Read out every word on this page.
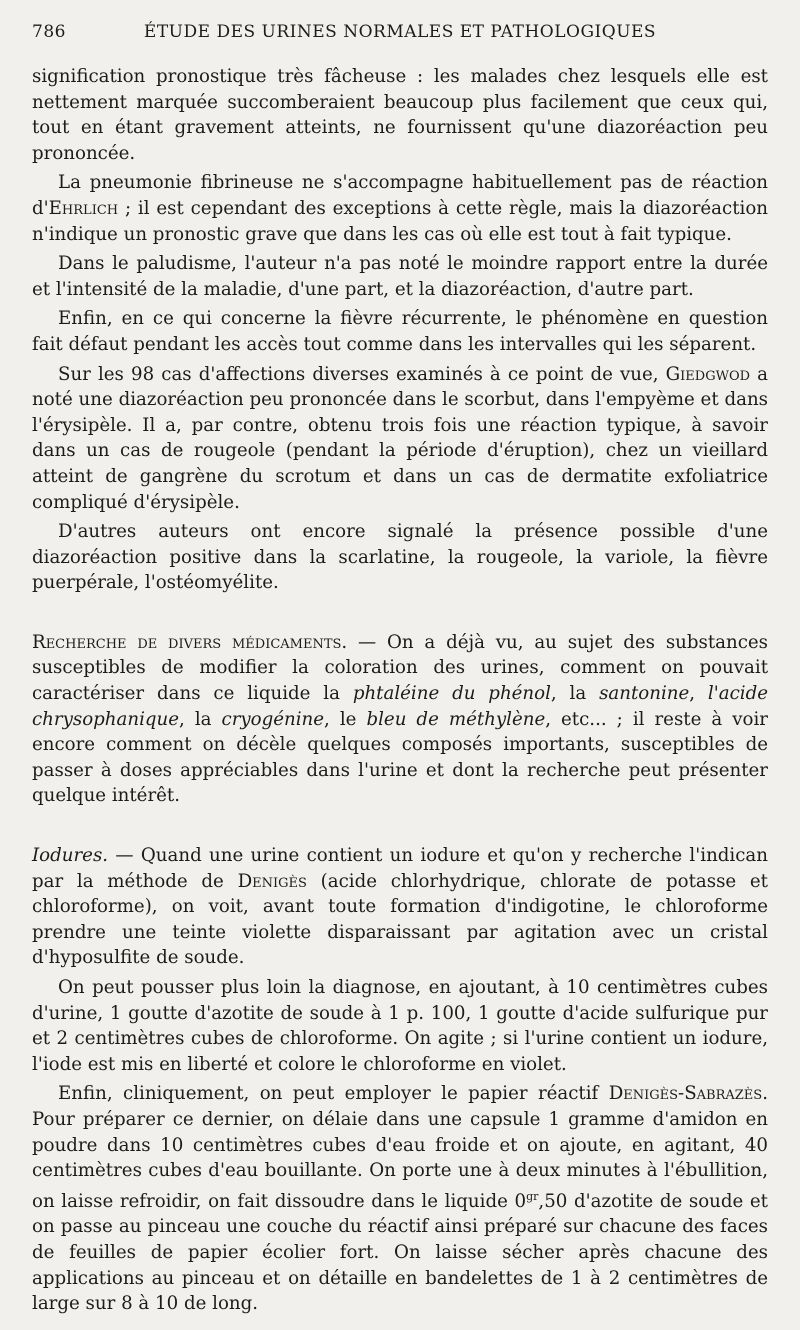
786	ÉTUDE DES URINES NORMALES ET PATHOLOGIQUES

signification pronostique très fâcheuse : les malades chez lesquels elle est nettement marquée succomberaient beaucoup plus facilement que ceux qui, tout en étant gravement atteints, ne fournissent qu'une diazoréaction peu prononcée.

La pneumonie fibrineuse ne s'accompagne habituellement pas de réaction d'Ehrlich ; il est cependant des exceptions à cette règle, mais la diazoréaction n'indique un pronostic grave que dans les cas où elle est tout à fait typique.

Dans le paludisme, l'auteur n'a pas noté le moindre rapport entre la durée et l'intensité de la maladie, d'une part, et la diazoréaction, d'autre part.

Enfin, en ce qui concerne la fièvre récurrente, le phénomène en question fait défaut pendant les accès tout comme dans les intervalles qui les séparent.

Sur les 98 cas d'affections diverses examinés à ce point de vue, Giedgwod a noté une diazoréaction peu prononcée dans le scorbut, dans l'empyème et dans l'érysipèle. Il a, par contre, obtenu trois fois une réaction typique, à savoir dans un cas de rougeole (pendant la période d'éruption), chez un vieillard atteint de gangrène du scrotum et dans un cas de dermatite exfoliatrice compliqué d'érysipèle.

D'autres auteurs ont encore signalé la présence possible d'une diazoréaction positive dans la scarlatine, la rougeole, la variole, la fièvre puerpérale, l'ostéomyélite.

Recherche de divers médicaments. — On a déjà vu, au sujet des substances susceptibles de modifier la coloration des urines, comment on pouvait caractériser dans ce liquide la phtaléine du phénol, la santonine, l'acide chrysophanique, la cryogénine, le bleu de méthylène, etc... ; il reste à voir encore comment on décèle quelques composés importants, susceptibles de passer à doses appréciables dans l'urine et dont la recherche peut présenter quelque intérêt.

Iodures. — Quand une urine contient un iodure et qu'on y recherche l'indican par la méthode de Denigès (acide chlorhydrique, chlorate de potasse et chloroforme), on voit, avant toute formation d'indigotine, le chloroforme prendre une teinte violette disparaissant par agitation avec un cristal d'hyposulfite de soude.

On peut pousser plus loin la diagnose, en ajoutant, à 10 centimètres cubes d'urine, 1 goutte d'azotite de soude à 1 p. 100, 1 goutte d'acide sulfurique pur et 2 centimètres cubes de chloroforme. On agite ; si l'urine contient un iodure, l'iode est mis en liberté et colore le chloroforme en violet.

Enfin, cliniquement, on peut employer le papier réactif Denigès-Sabrazès. Pour préparer ce dernier, on délaie dans une capsule 1 gramme d'amidon en poudre dans 10 centimètres cubes d'eau froide et on ajoute, en agitant, 40 centimètres cubes d'eau bouillante. On porte une à deux minutes à l'ébullition, on laisse refroidir, on fait dissoudre dans le liquide $0^{gr},50$ d'azotite de soude et on passe au pinceau une couche du réactif ainsi préparé sur chacune des faces de feuilles de papier écolier fort. On laisse sécher après chacune des applications au pinceau et on détaille en bandelettes de 1 à 2 centimètres de large sur 8 à 10 de long.
